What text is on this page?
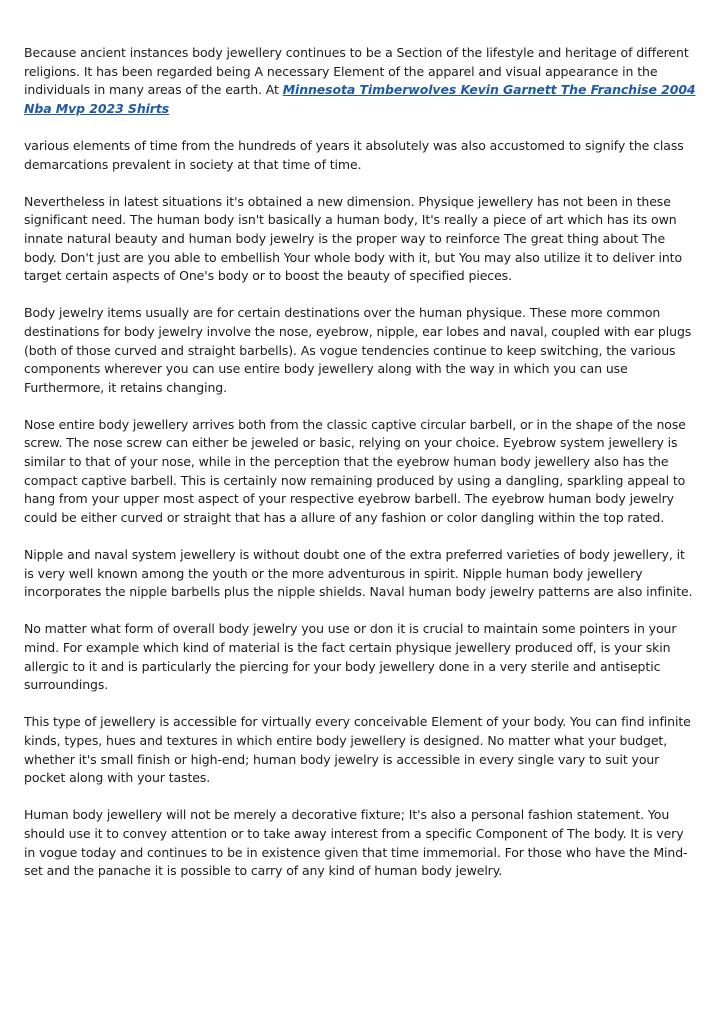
Because ancient instances body jewellery continues to be a Section of the lifestyle and heritage of different religions. It has been regarded being A necessary Element of the apparel and visual appearance in the individuals in many areas of the earth. At Minnesota Timberwolves Kevin Garnett The Franchise 2004 Nba Mvp 2023 Shirts

various elements of time from the hundreds of years it absolutely was also accustomed to signify the class demarcations prevalent in society at that time of time.

Nevertheless in latest situations it's obtained a new dimension. Physique jewellery has not been in these significant need. The human body isn't basically a human body, It's really a piece of art which has its own innate natural beauty and human body jewelry is the proper way to reinforce The great thing about The body. Don't just are you able to embellish Your whole body with it, but You may also utilize it to deliver into target certain aspects of One's body or to boost the beauty of specified pieces.

Body jewelry items usually are for certain destinations over the human physique. These more common destinations for body jewelry involve the nose, eyebrow, nipple, ear lobes and naval, coupled with ear plugs (both of those curved and straight barbells). As vogue tendencies continue to keep switching, the various components wherever you can use entire body jewellery along with the way in which you can use Furthermore, it retains changing.

Nose entire body jewellery arrives both from the classic captive circular barbell, or in the shape of the nose screw. The nose screw can either be jeweled or basic, relying on your choice. Eyebrow system jewellery is similar to that of your nose, while in the perception that the eyebrow human body jewellery also has the compact captive barbell. This is certainly now remaining produced by using a dangling, sparkling appeal to hang from your upper most aspect of your respective eyebrow barbell. The eyebrow human body jewelry could be either curved or straight that has a allure of any fashion or color dangling within the top rated.

Nipple and naval system jewellery is without doubt one of the extra preferred varieties of body jewellery, it is very well known among the youth or the more adventurous in spirit. Nipple human body jewellery incorporates the nipple barbells plus the nipple shields. Naval human body jewelry patterns are also infinite.

No matter what form of overall body jewelry you use or don it is crucial to maintain some pointers in your mind. For example which kind of material is the fact certain physique jewellery produced off, is your skin allergic to it and is particularly the piercing for your body jewellery done in a very sterile and antiseptic surroundings.

This type of jewellery is accessible for virtually every conceivable Element of your body. You can find infinite kinds, types, hues and textures in which entire body jewellery is designed. No matter what your budget, whether it's small finish or high-end; human body jewelry is accessible in every single vary to suit your pocket along with your tastes.

Human body jewellery will not be merely a decorative fixture; It's also a personal fashion statement. You should use it to convey attention or to take away interest from a specific Component of The body. It is very in vogue today and continues to be in existence given that time immemorial. For those who have the Mind-set and the panache it is possible to carry of any kind of human body jewelry.
